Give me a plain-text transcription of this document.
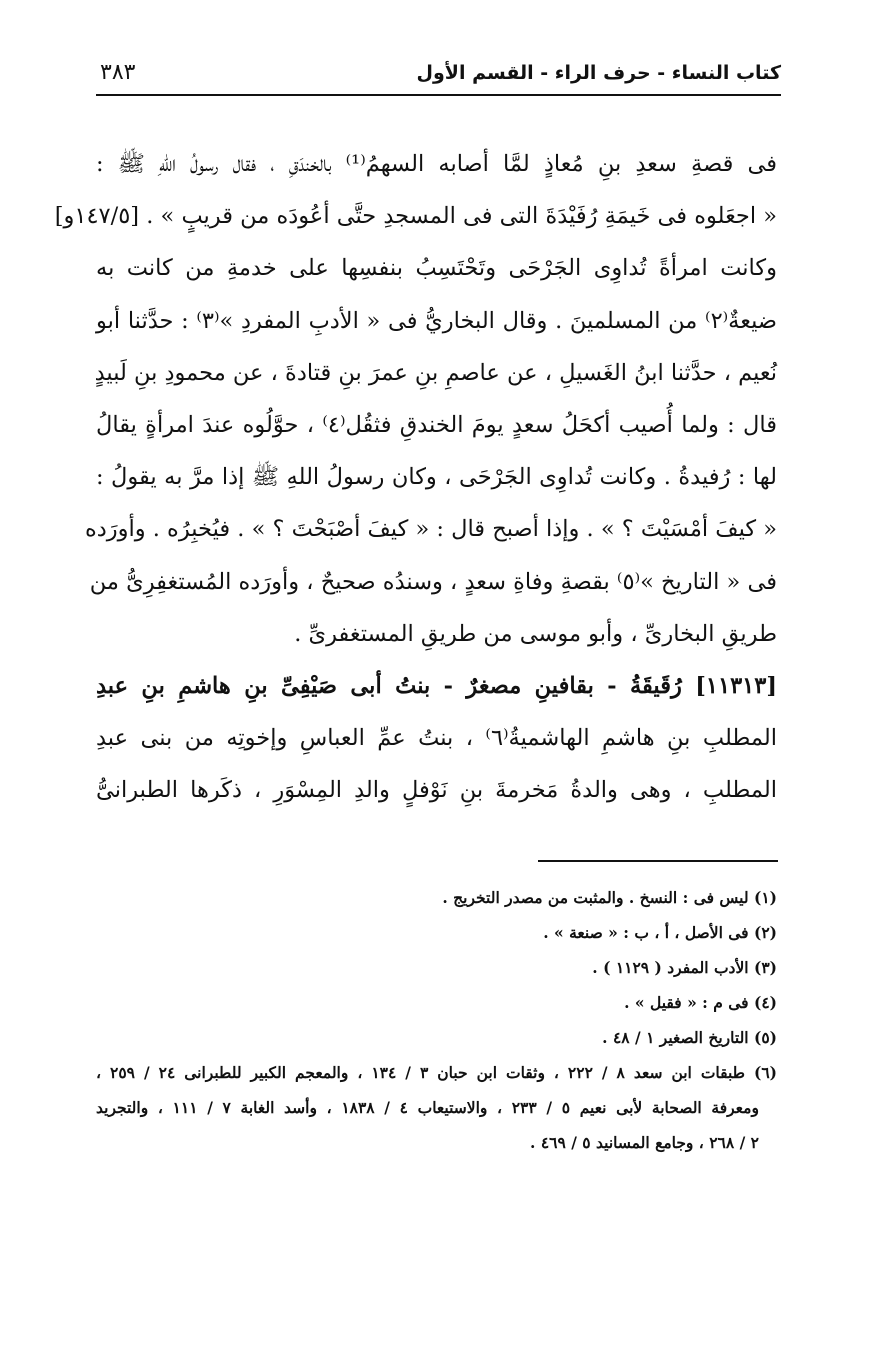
كتاب النساء - حرف الراء - القسم الأول
٣٨٣
فى قصةِ سعدِ بنِ مُعاذٍ لمَّا أصابه السهمُ⁽¹⁾ بالخندَقِ ، فقال رسولُ اللهِ ﷺ :
« اجعَلوه فى خَيمَةِ رُفَيْدَةَ التى فى المسجدِ حتَّى أعُودَه من قريبٍ » . [١٤٧/٥و]
وكانت امرأةً تُداوِى الجَرْحَى وتَحْتَسِبُ بنفسِها على خدمةِ من كانت به
ضيعةٌ⁽٢⁾ من المسلمينَ . وقال البخاريُّ فى « الأدبِ المفردِ »⁽٣⁾ : حدَّثنا أبو
نُعيم ، حدَّثنا ابنُ الغَسيلِ ، عن عاصمِ بنِ عمرَ بنِ قتادةَ ، عن محمودِ بنِ لَبيدٍ
قال : ولما أُصيب أكحَلُ سعدٍ يومَ الخندقِ فثقُل⁽٤⁾ ، حوَّلُوه عندَ امرأةٍ يقالُ
لها : رُفيدةُ . وكانت تُداوِى الجَرْحَى ، وكان رسولُ اللهِ ﷺ إذا مرَّ به يقولُ :
« كيفَ أمْسَيْتَ ؟ » . وإذا أصبح قال : « كيفَ أصْبَحْتَ ؟ » . فيُخبِرُه . وأورَده
فى « التاريخ »⁽٥⁾ بقصةِ وفاةِ سعدٍ ، وسندُه صحيحٌ ، وأورَده المُستغفِرِىُّ من
طريقِ البخارىِّ ، وأبو موسى من طريقِ المستغفرىِّ .
[١١٣١٣] رُقَيقَةُ - بقافينِ مصغرٌ - بنتُ أبى صَيْفِىِّ بنِ هاشمِ بنِ عبدِ
المطلبِ بنِ هاشمِ الهاشميةُ⁽٦⁾ ، بنتُ عمِّ العباسِ وإخوتِه من بنى عبدِ
المطلبِ ، وهى والدةُ مَخرمةَ بنِ نَوْفلٍ والدِ المِسْوَرِ ، ذكَرها الطبرانىُّ
(١) ليس فى : النسخ . والمثبت من مصدر التخريج .
(٢) فى الأصل ، أ ، ب : « صنعة » .
(٣) الأدب المفرد ( ١١٢٩ ) .
(٤) فى م : « فقيل » .
(٥) التاريخ الصغير ١ / ٤٨ .
(٦) طبقات ابن سعد ٨ / ٢٢٢ ، وثقات ابن حبان ٣ / ١٣٤ ، والمعجم الكبير للطبرانى ٢٤ / ٢٥٩ ،
ومعرفة الصحابة لأبى نعيم ٥ / ٢٣٣ ، والاستيعاب ٤ / ١٨٣٨ ، وأسد الغابة ٧ / ١١١ ، والتجريد
٢ / ٢٦٨ ، وجامع المسانيد ٥ / ٤٦٩ .
